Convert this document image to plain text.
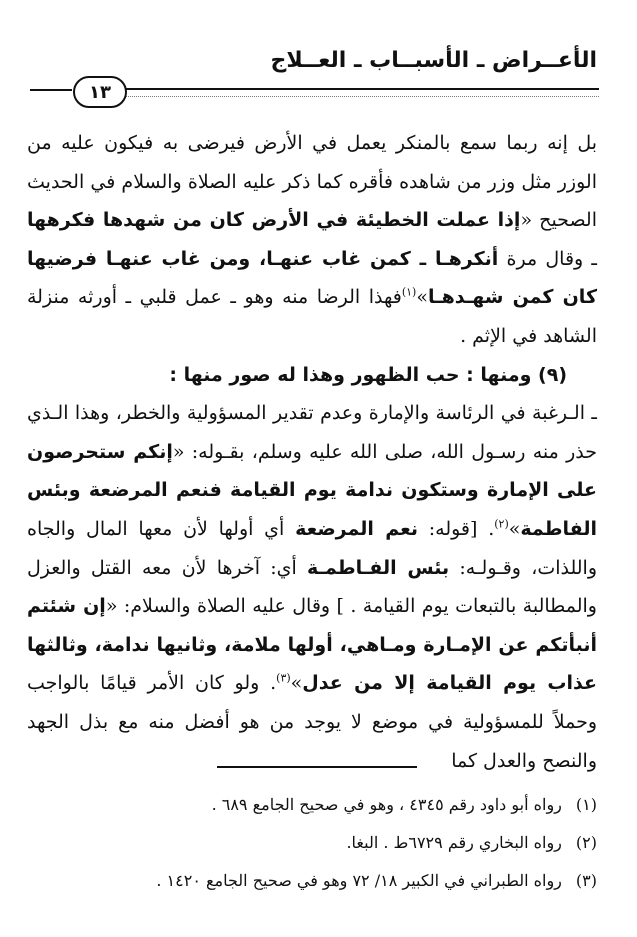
الأعــراض ـ الأسبــاب ـ العــلاج
١٣

بل إنه ربما سمع بالمنكر يعمل في الأرض فيرضى به فيكون عليه من الوزر مثل وزر من شاهده فأقره كما ذكر عليه الصلاة والسلام في الحديث الصحيح «إذا عملت الخطيئة في الأرض كان من شهدها فكرهها ـ وقال مرة أنكرهـا ـ كمن غاب عنهـا، ومن غاب عنهـا فرضيها كان كمن شهـدهـا»$^{(١)}$فهذا الرضا منه وهو ـ عمل قلبي ـ أورثه منزلة الشاهد في الإثم .

(٩) ومنها : حب الظهور وهذا له صور منها :

ـ الـرغبة في الرئاسة والإمارة وعدم تقدير المسؤولية والخطر، وهذا الـذي حذر منه رسـول الله، صلى الله عليه وسلم، بقـوله: «إنكم ستحرصون على الإمارة وستكون ندامة يوم القيامة فنعم المرضعة وبئس الفاطمة»$^{(٢)}$. [قوله: نعم المرضعة أي أولها لأن معها المال والجاه واللذات، وقـولـه: بئس الفـاطمـة أي: آخرها لأن معه القتل والعزل والمطالبة بالتبعات يوم القيامة . ] وقال عليه الصلاة والسلام: «إن شئتم أنبأتكم عن الإمـارة ومـاهي، أولها ملامة، وثانيها ندامة، وثالثها عذاب يوم القيامة إلا من عدل»$^{(٣)}$. ولو كان الأمر قيامًا بالواجب وحملاً للمسؤولية في موضع لا يوجد من هو أفضل منه مع بذل الجهد والنصح والعدل كما

(١)رواه أبو داود رقم ٤٣٤٥ ، وهو في صحيح الجامع ٦٨٩ .
(٢)رواه البخاري رقم ٦٧٢٩ط . البغا.
(٣)رواه الطبراني في الكبير ١٨/ ٧٢ وهو في صحيح الجامع ١٤٢٠ .
